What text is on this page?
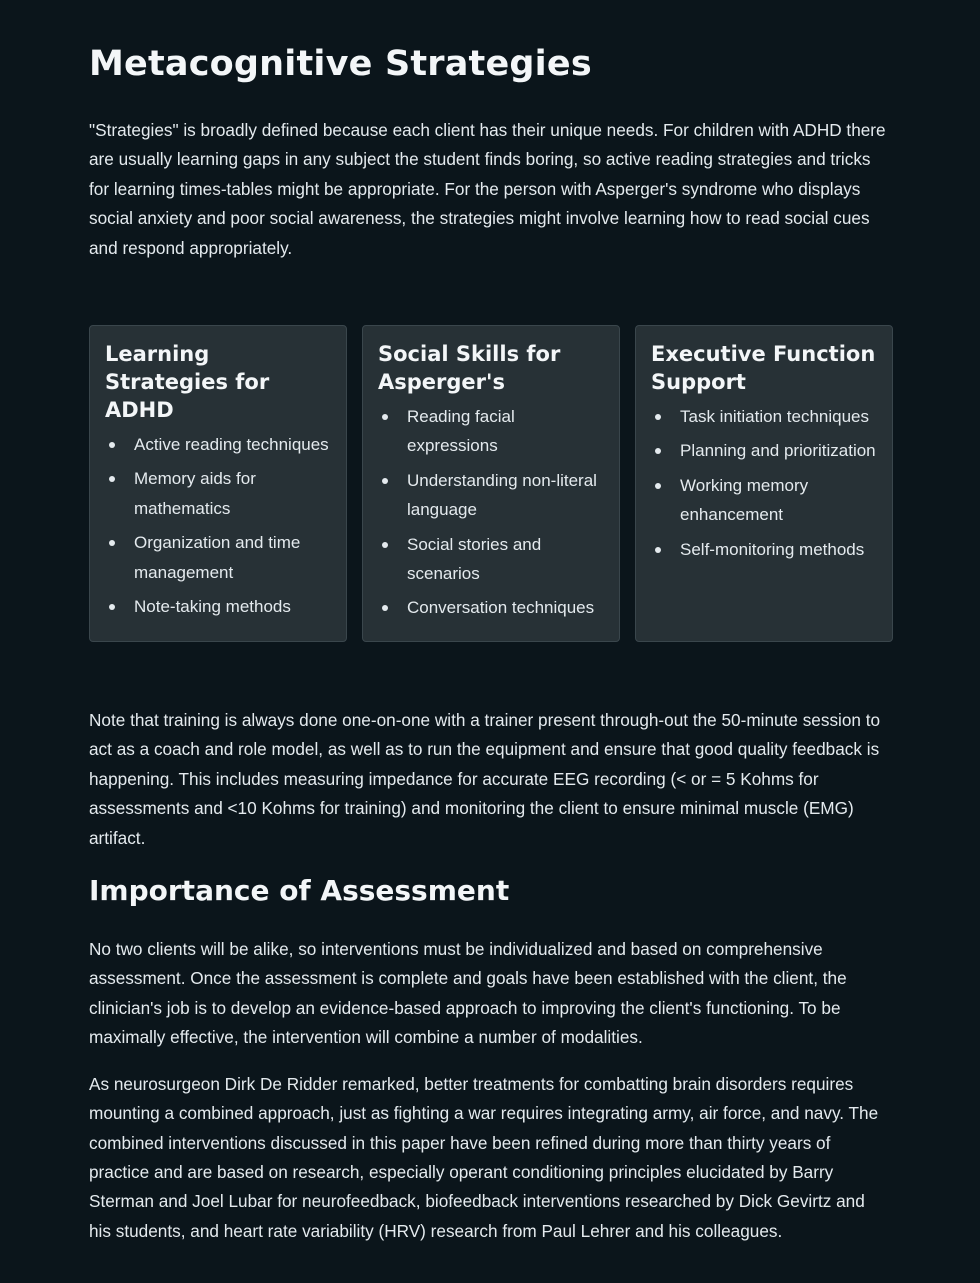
Metacognitive Strategies

"Strategies" is broadly defined because each client has their unique needs. For children with ADHD there are usually learning gaps in any subject the student finds boring, so active reading strategies and tricks for learning times-tables might be appropriate. For the person with Asperger's syndrome who displays social anxiety and poor social awareness, the strategies might involve learning how to read social cues and respond appropriately.

Learning Strategies for ADHD
Active reading techniques
Memory aids for mathematics
Organization and time management
Note-taking methods
Social Skills for Asperger's
Reading facial expressions
Understanding non-literal language
Social stories and scenarios
Conversation techniques
Executive Function Support
Task initiation techniques
Planning and prioritization
Working memory enhancement
Self-monitoring methods

Note that training is always done one-on-one with a trainer present through-out the 50-minute session to act as a coach and role model, as well as to run the equipment and ensure that good quality feedback is happening. This includes measuring impedance for accurate EEG recording (< or = 5 Kohms for assessments and <10 Kohms for training) and monitoring the client to ensure minimal muscle (EMG) artifact.

Importance of Assessment

No two clients will be alike, so interventions must be individualized and based on comprehensive assessment. Once the assessment is complete and goals have been established with the client, the clinician's job is to develop an evidence-based approach to improving the client's functioning. To be maximally effective, the intervention will combine a number of modalities.

As neurosurgeon Dirk De Ridder remarked, better treatments for combatting brain disorders requires mounting a combined approach, just as fighting a war requires integrating army, air force, and navy. The combined interventions discussed in this paper have been refined during more than thirty years of practice and are based on research, especially operant conditioning principles elucidated by Barry Sterman and Joel Lubar for neurofeedback, biofeedback interventions researched by Dick Gevirtz and his students, and heart rate variability (HRV) research from Paul Lehrer and his colleagues.
